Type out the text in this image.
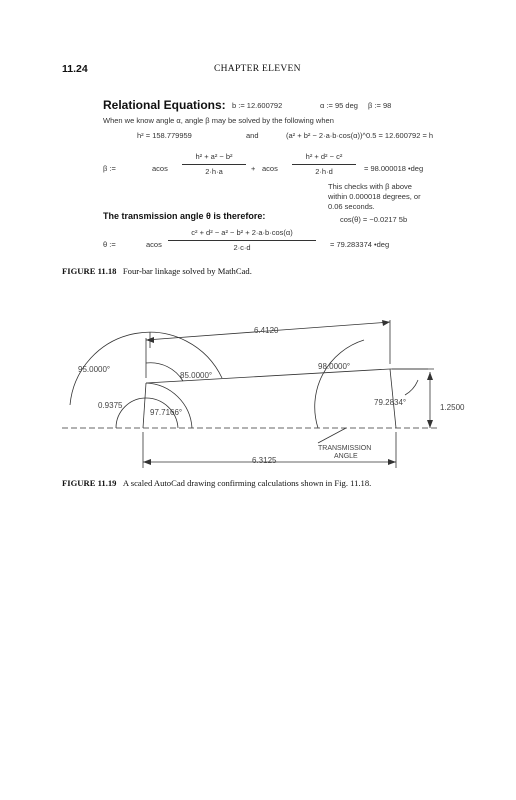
11.24	CHAPTER ELEVEN
Relational Equations: b := 12.600792	α := 95 deg β := 98
When we know angle α, angle β may be solved by the following when
h² = 158.779959	and	(a² + b² − 2·a·b·cos(α))^0.5 = 12.600792 = h
β :=	acos
h² + a² − b²
2·h·a	+ acos
h² + d² − c²
2·h·d	= 98.000018 •deg
This checks with β above
within 0.000018 degrees, or
0.06 seconds.
The transmission angle θ is therefore:	cos(θ) = −0.0217 5b
θ :=	acos
c² + d² − a² − b² + 2·a·b·cos(α)
2·c·d	= 79.283374 •deg
FIGURE 11.18 Four-bar linkage solved by MathCad.
6.4120
95.0000°
85.0000°
98.0000°
0.9375
97.7166°
79.2834°
1.2500
TRANSMISSION
ANGLE
6.3125
FIGURE 11.19 A scaled AutoCad drawing confirming calculations shown in Fig. 11.18.
